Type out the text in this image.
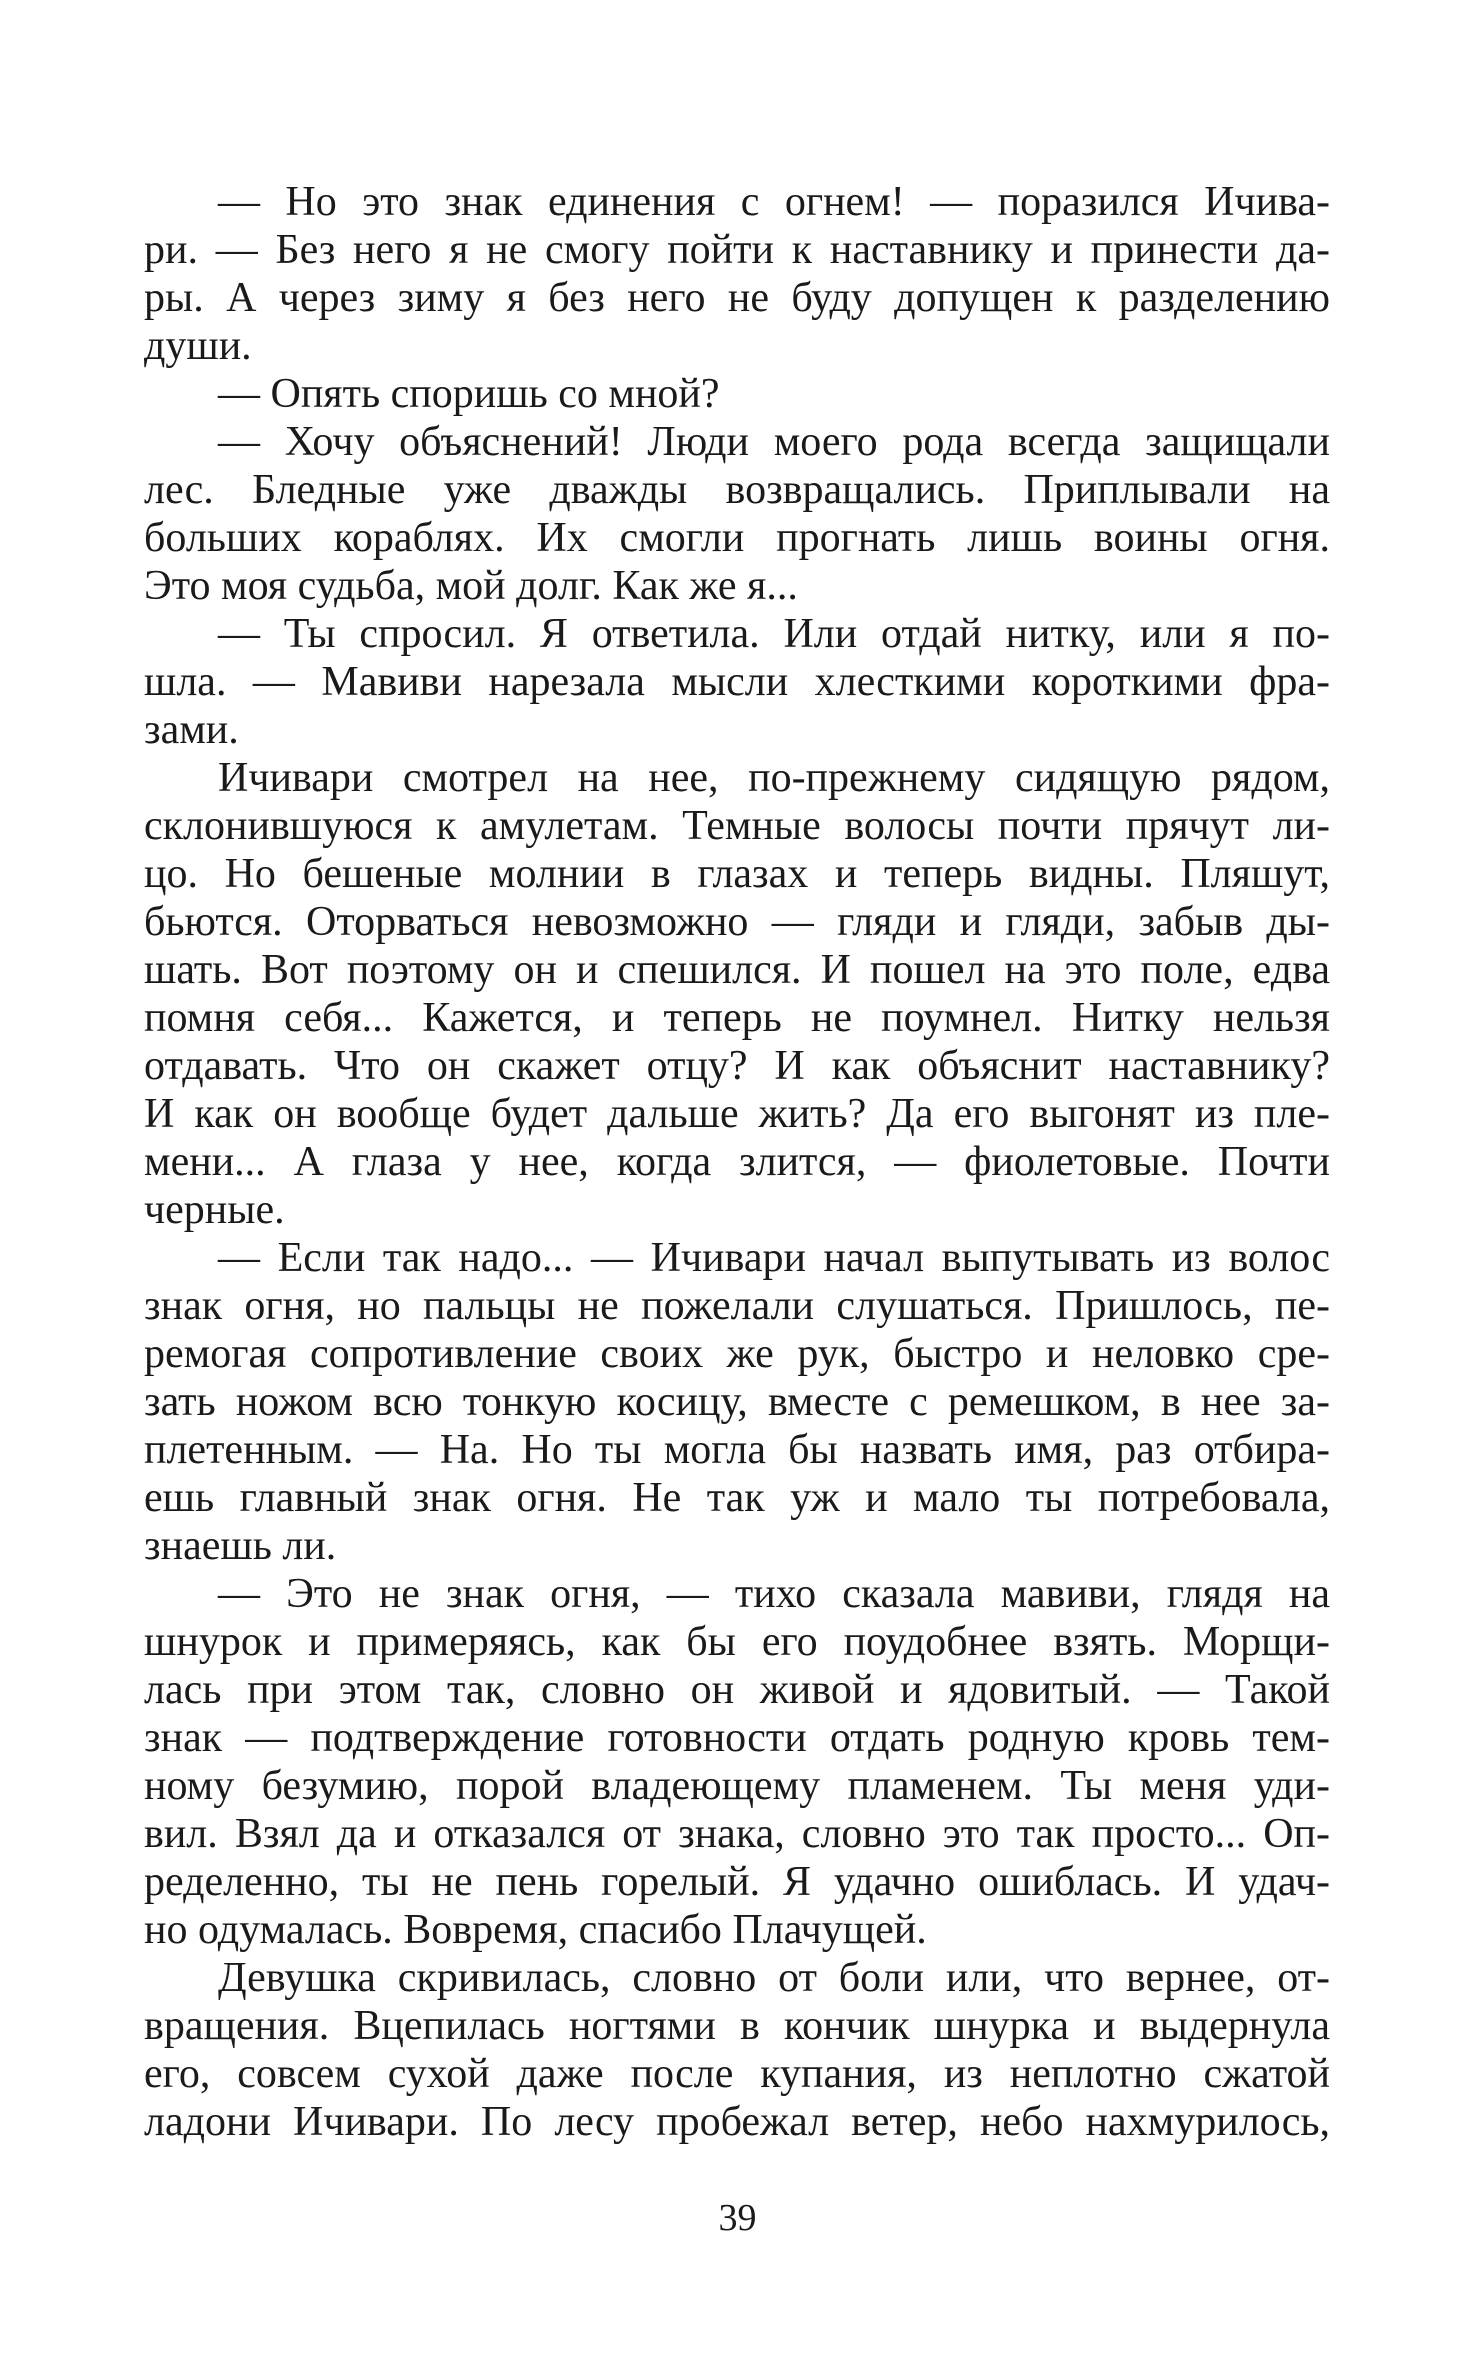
— Но это знак единения с огнем! — поразился Ичива-
ри. — Без него я не смогу пойти к наставнику и принести да-
ры. А через зиму я без него не буду допущен к разделению
души.
— Опять споришь со мной?
— Хочу объяснений! Люди моего рода всегда защищали
лес. Бледные уже дважды возвращались. Приплывали на
больших кораблях. Их смогли прогнать лишь воины огня.
Это моя судьба, мой долг. Как же я...
— Ты спросил. Я ответила. Или отдай нитку, или я по-
шла. — Мавиви нарезала мысли хлесткими короткими фра-
зами.
Ичивари смотрел на нее, по-прежнему сидящую рядом,
склонившуюся к амулетам. Темные волосы почти прячут ли-
цо. Но бешеные молнии в глазах и теперь видны. Пляшут,
бьются. Оторваться невозможно — гляди и гляди, забыв ды-
шать. Вот поэтому он и спешился. И пошел на это поле, едва
помня себя... Кажется, и теперь не поумнел. Нитку нельзя
отдавать. Что он скажет отцу? И как объяснит наставнику?
И как он вообще будет дальше жить? Да его выгонят из пле-
мени... А глаза у нее, когда злится, — фиолетовые. Почти
черные.
— Если так надо... — Ичивари начал выпутывать из волос
знак огня, но пальцы не пожелали слушаться. Пришлось, пе-
ремогая сопротивление своих же рук, быстро и неловко сре-
зать ножом всю тонкую косицу, вместе с ремешком, в нее за-
плетенным. — На. Но ты могла бы назвать имя, раз отбира-
ешь главный знак огня. Не так уж и мало ты потребовала,
знаешь ли.
— Это не знак огня, — тихо сказала мавиви, глядя на
шнурок и примеряясь, как бы его поудобнее взять. Морщи-
лась при этом так, словно он живой и ядовитый. — Такой
знак — подтверждение готовности отдать родную кровь тем-
ному безумию, порой владеющему пламенем. Ты меня уди-
вил. Взял да и отказался от знака, словно это так просто... Оп-
ределенно, ты не пень горелый. Я удачно ошиблась. И удач-
но одумалась. Вовремя, спасибо Плачущей.
Девушка скривилась, словно от боли или, что вернее, от-
вращения. Вцепилась ногтями в кончик шнурка и выдернула
его, совсем сухой даже после купания, из неплотно сжатой
ладони Ичивари. По лесу пробежал ветер, небо нахмурилось,
39
